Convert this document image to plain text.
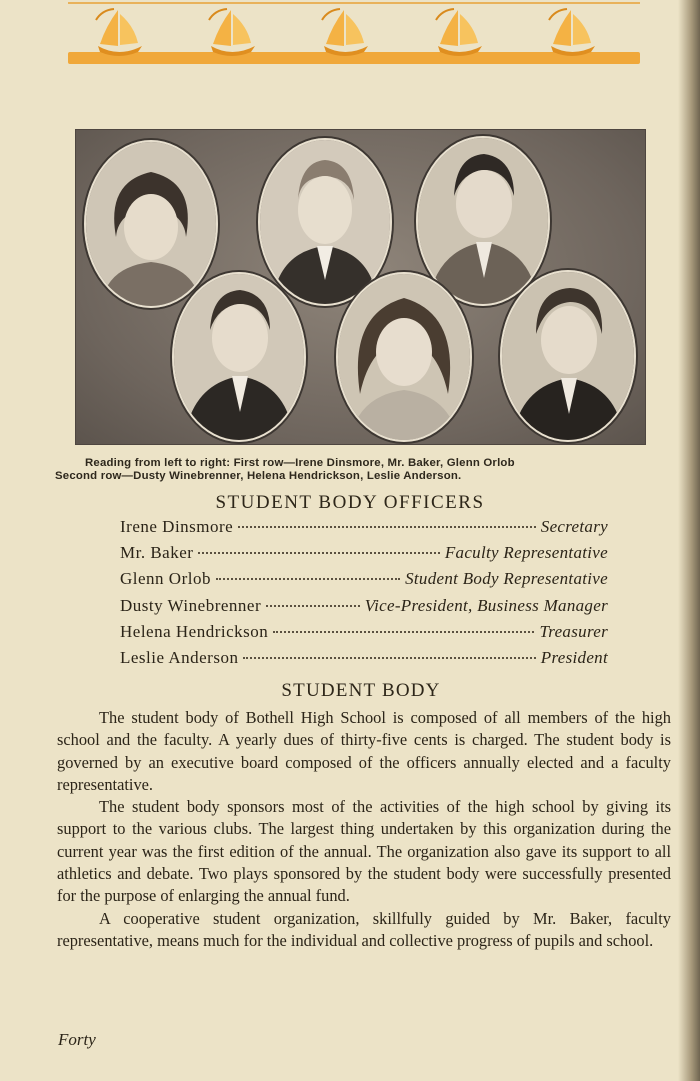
Reading from left to right: First row—Irene Dinsmore, Mr. Baker, Glenn Orlob
Second row—Dusty Winebrenner, Helena Hendrickson, Leslie Anderson.
STUDENT BODY OFFICERS
Irene Dinsmore	Secretary
Mr. Baker	Faculty Representative
Glenn Orlob	Student Body Representative
Dusty Winebrenner	Vice-President, Business Manager
Helena Hendrickson	Treasurer
Leslie Anderson	President
STUDENT BODY

The student body of Bothell High School is composed of all members of the high school and the faculty. A yearly dues of thirty-five cents is charged. The student body is governed by an executive board composed of the officers annually elected and a faculty representative.

The student body sponsors most of the activities of the high school by giving its support to the various clubs. The largest thing undertaken by this organization during the current year was the first edition of the annual. The organization also gave its support to all athletics and debate. Two plays sponsored by the student body were successfully presented for the purpose of enlarging the annual fund.

A cooperative student organization, skillfully guided by Mr. Baker, faculty representative, means much for the individual and collective progress of pupils and school.

Forty
